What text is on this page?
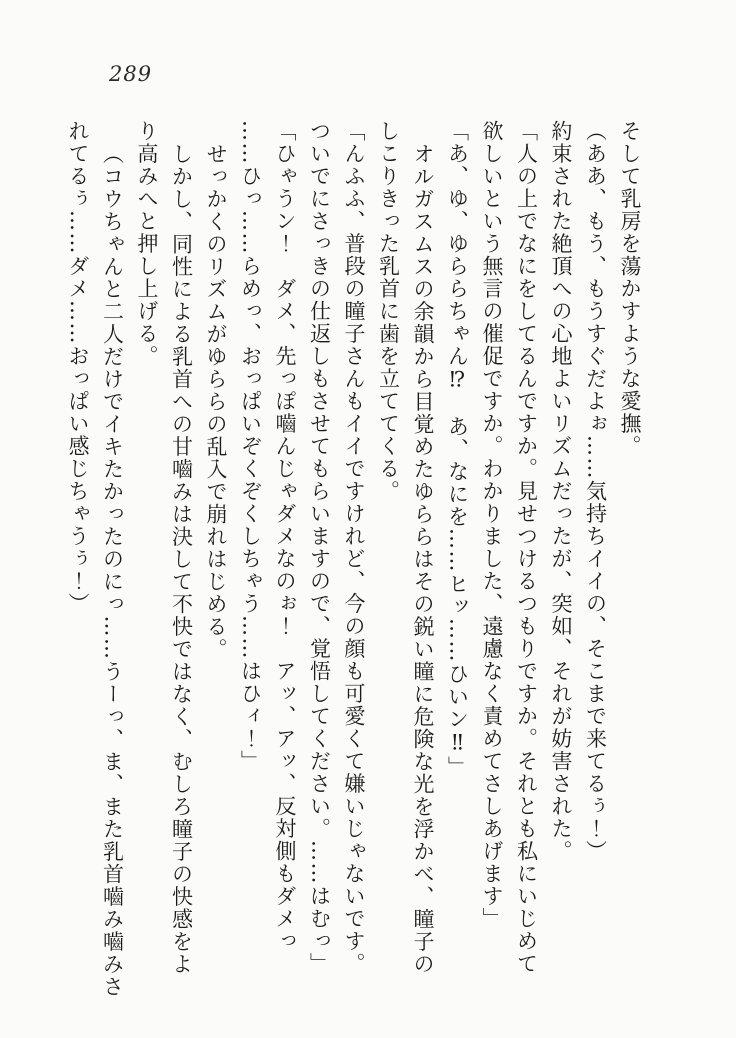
289
そして乳房を蕩かすような愛撫。
（ああ、もう、もうすぐだよぉ……気持ちイイの、そこまで来てるぅ！）
約束された絶頂への心地よいリズムだったが、突如、それが妨害された。
「人の上でなにをしてるんですか。見せつけるつもりですか。それとも私にいじめて
欲しいという無言の催促ですか。わかりました、遠慮なく責めてさしあげます」
「あ、ゆ、ゆららちゃん⁉　あ、なにを……ヒッ……ひいン‼」
オルガスムスの余韻から目覚めたゆららはその鋭い瞳に危険な光を浮かべ、瞳子の
しこりきった乳首に歯を立ててくる。
「んふふ、普段の瞳子さんもイイですけれど、今の顔も可愛くて嫌いじゃないです。
ついでにさっきの仕返しもさせてもらいますので、覚悟してください。……はむっ」
「ひゃうン！　ダメ、先っぽ嚙んじゃダメなのぉ！　アッ、アッ、反対側もダメっ
……ひっ……らめっ、おっぱいぞくぞくしちゃう……はひィ！」
せっかくのリズムがゆららの乱入で崩れはじめる。
しかし、同性による乳首への甘嚙みは決して不快ではなく、むしろ瞳子の快感をよ
り高みへと押し上げる。
（コウちゃんと二人だけでイキたかったのにっ……うーっ、ま、また乳首嚙み嚙みさ
れてるぅ……ダメ……おっぱい感じちゃうぅ！）
